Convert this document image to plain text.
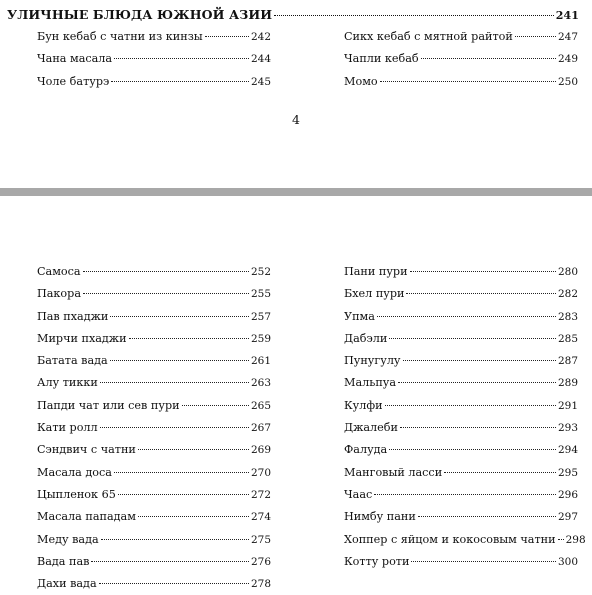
УЛИЧНЫЕ БЛЮДА ЮЖНОЙ АЗИИ	241
Бун кебаб с чатни из кинзы	242
Чана масала	244
Чоле батурэ	245
Сикх кебаб с мятной райтой	247
Чапли кебаб	249
Момо	250
4
Самоса	252
Пакора	255
Пав пхаджи	257
Мирчи пхаджи	259
Батата вада	261
Алу тикки	263
Папди чат или сев пури	265
Кати ролл	267
Сэндвич с чатни	269
Масала доса	270
Цыпленок 65	272
Масала пападам	274
Меду вада	275
Вада пав	276
Дахи вада	278
Пани пури	280
Бхел пури	282
Упма	283
Дабэли	285
Пунугулу	287
Мальпуа	289
Кулфи	291
Джалеби	293
Фалуда	294
Манговый ласси	295
Чаас	296
Нимбу пани	297
Хоппер с яйцом и кокосовым чатни 298
Котту роти	300
